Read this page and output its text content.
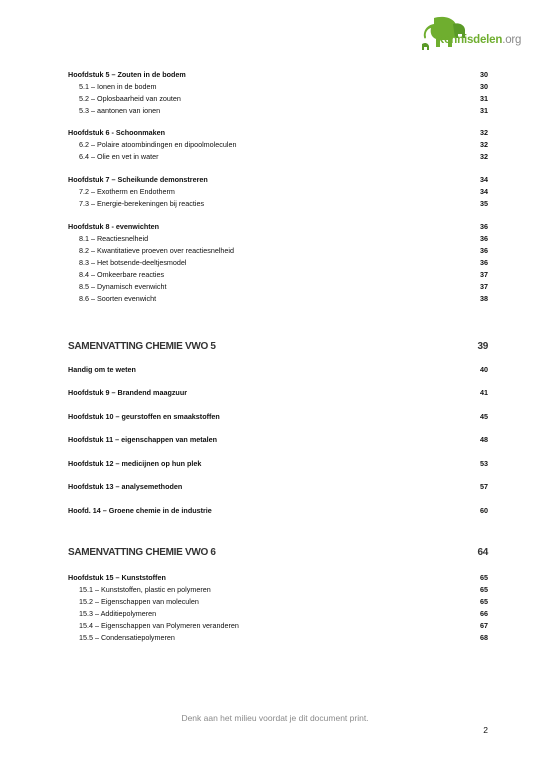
Kennisdelen.org
Hoofdstuk 5 – Zouten in de bodem	30
5.1 – Ionen in de bodem	30
5.2 – Oplosbaarheid van zouten	31
5.3 – aantonen van ionen	31
Hoofdstuk 6 - Schoonmaken	32
6.2 – Polaire atoombindingen en dipoolmoleculen	32
6.4 – Olie en vet in water	32
Hoofdstuk 7 – Scheikunde demonstreren	34
7.2 – Exotherm en Endotherm	34
7.3 – Energie-berekeningen bij reacties	35
Hoofdstuk 8 - evenwichten	36
8.1 – Reactiesnelheid	36
8.2 – Kwantitatieve proeven over reactiesnelheid	36
8.3 – Het botsende-deeltjesmodel	36
8.4 – Omkeerbare reacties	37
8.5 – Dynamisch evenwicht	37
8.6 – Soorten evenwicht	38
SAMENVATTING CHEMIE VWO 5	39
Handig om te weten	40
Hoofdstuk 9 – Brandend maagzuur	41
Hoofdstuk 10 – geurstoffen en smaakstoffen	45
Hoofdstuk 11 – eigenschappen van metalen	48
Hoofdstuk 12 – medicijnen op hun plek	53
Hoofdstuk 13 – analysemethoden	57
Hoofd. 14 – Groene chemie in de industrie	60
SAMENVATTING CHEMIE VWO 6	64
Hoofdstuk 15 – Kunststoffen	65
15.1 – Kunststoffen, plastic en polymeren	65
15.2 – Eigenschappen van moleculen	65
15.3 – Additiepolymeren	66
15.4 – Eigenschappen van Polymeren veranderen	67
15.5 – Condensatiepolymeren	68
Denk aan het milieu voordat je dit document print.
2
